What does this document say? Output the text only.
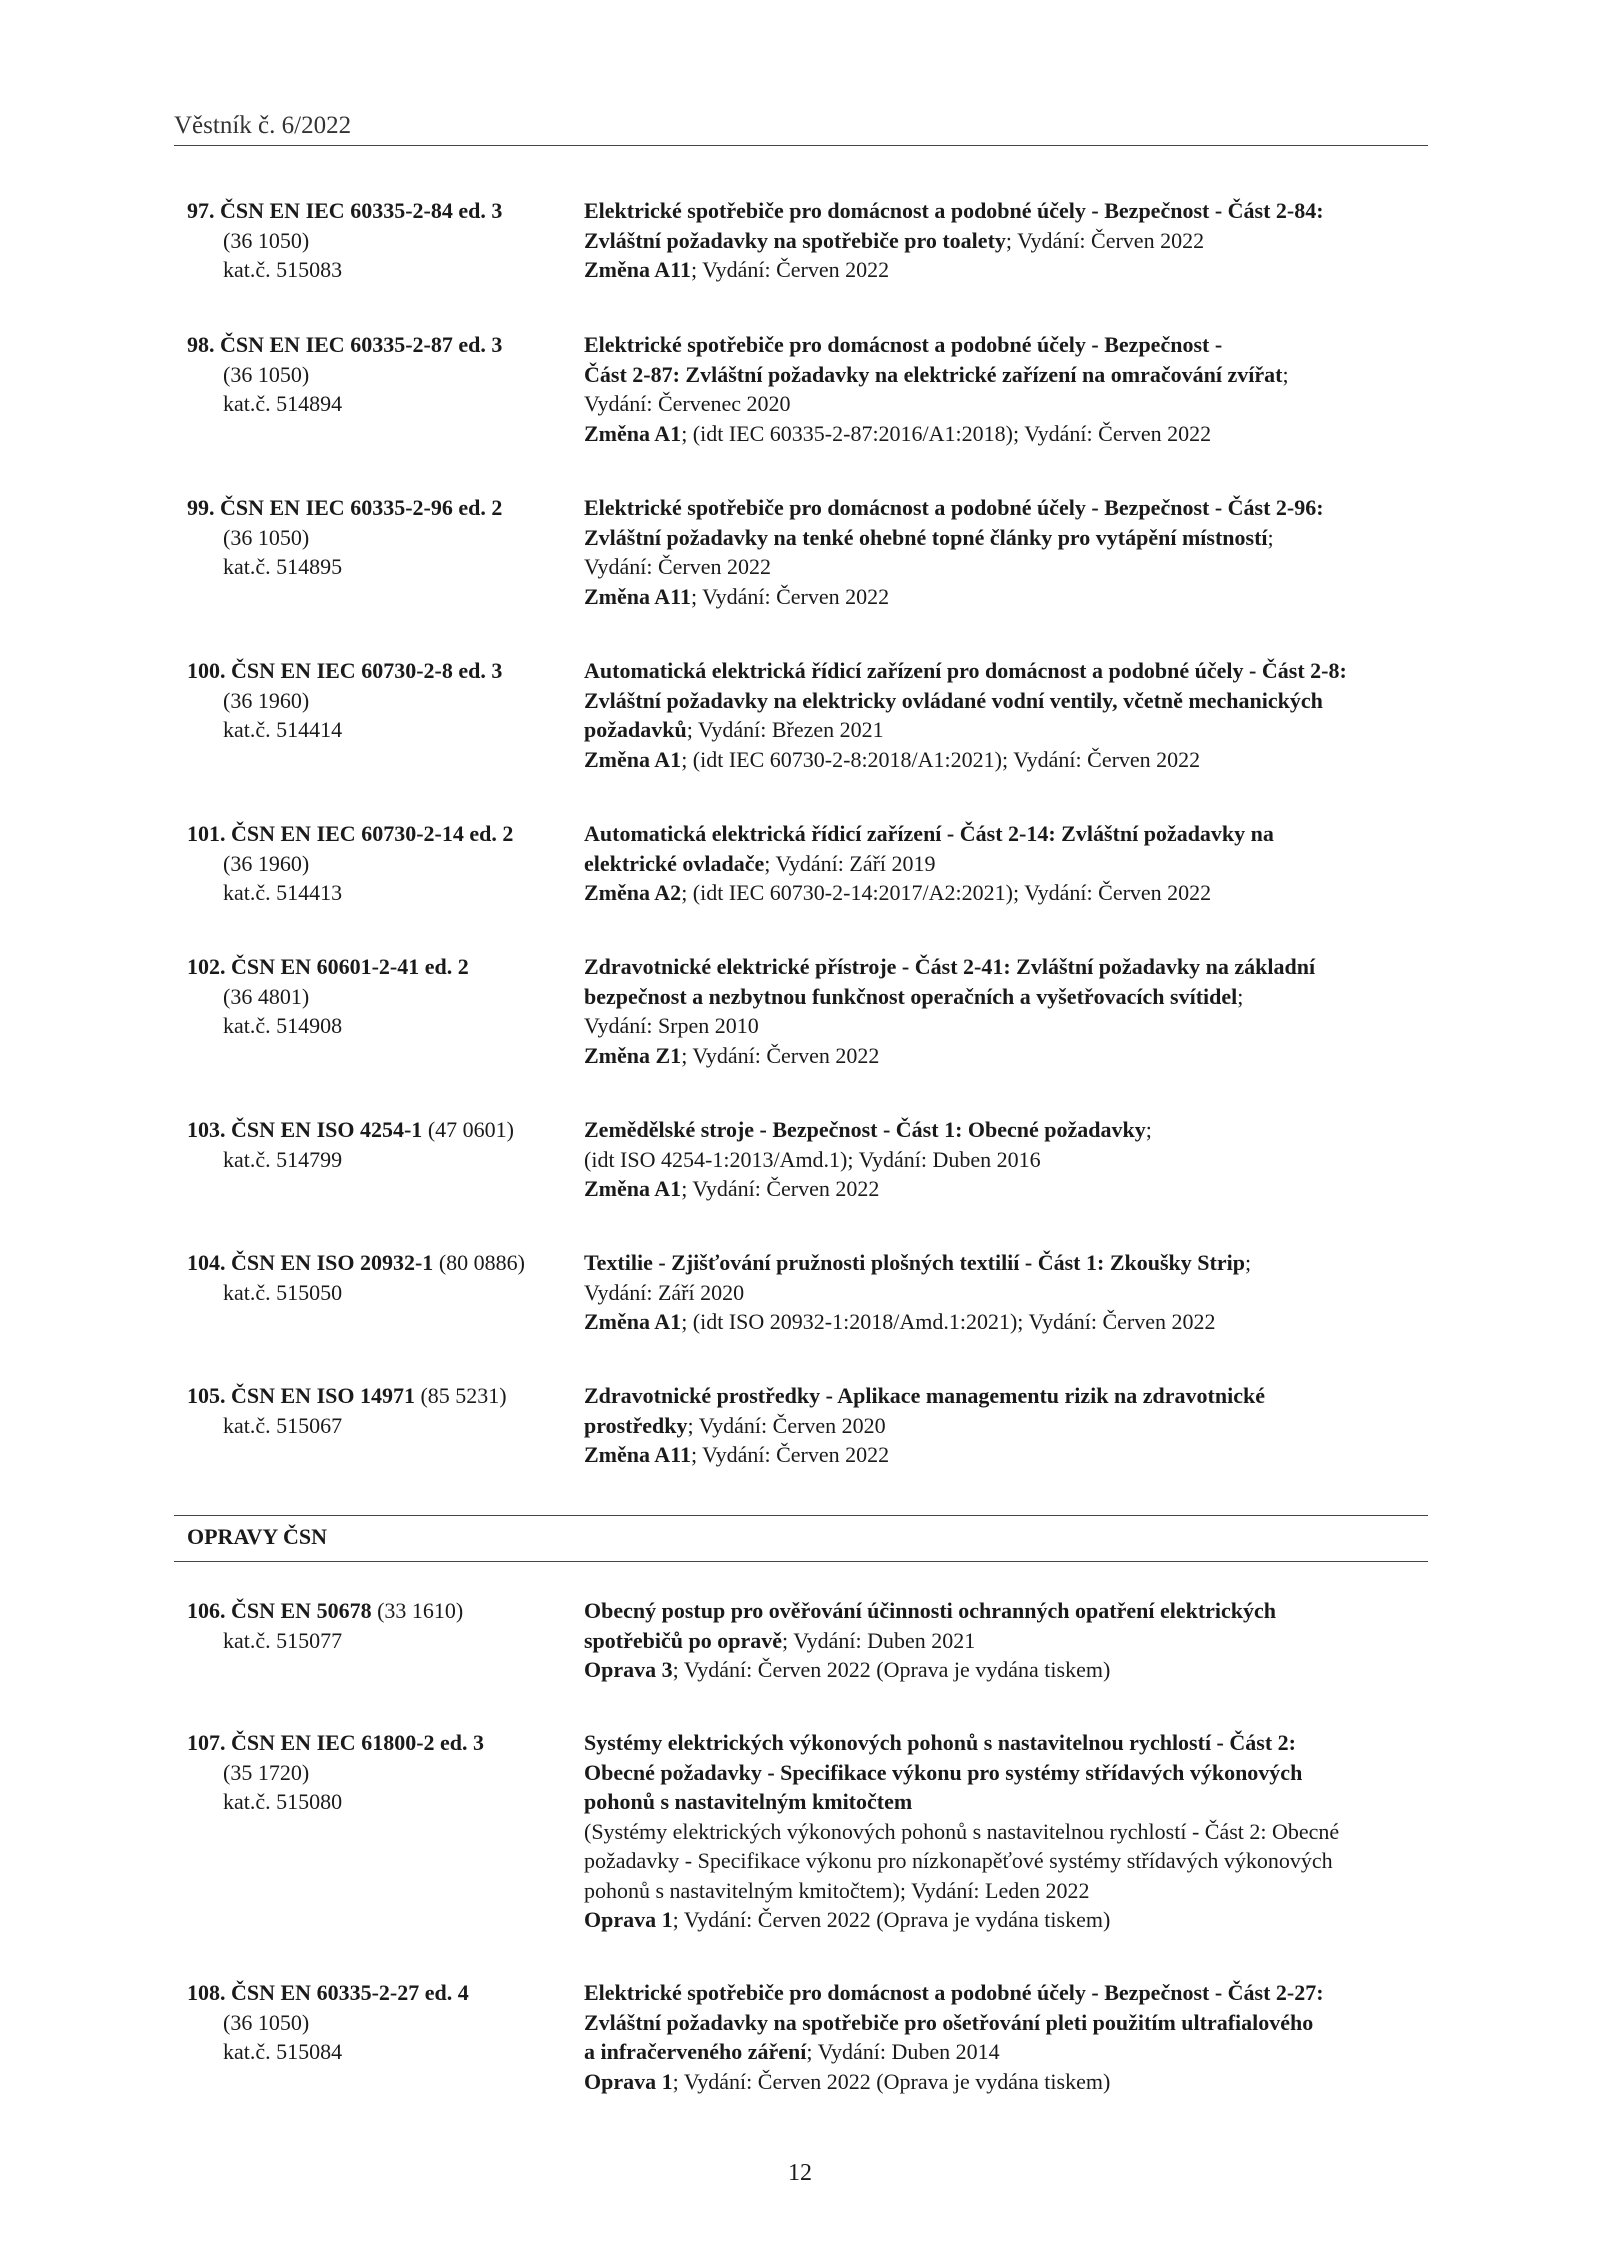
Věstník č. 6/2022
97. ČSN EN IEC 60335-2-84 ed. 3
(36 1050)
kat.č. 515083
Elektrické spotřebiče pro domácnost a podobné účely - Bezpečnost - Část 2-84:
Zvláštní požadavky na spotřebiče pro toalety; Vydání: Červen 2022
Změna A11; Vydání: Červen 2022
98. ČSN EN IEC 60335-2-87 ed. 3
(36 1050)
kat.č. 514894
Elektrické spotřebiče pro domácnost a podobné účely - Bezpečnost -
Část 2-87: Zvláštní požadavky na elektrické zařízení na omračování zvířat;
Vydání: Červenec 2020
Změna A1; (idt IEC 60335-2-87:2016/A1:2018); Vydání: Červen 2022
99. ČSN EN IEC 60335-2-96 ed. 2
(36 1050)
kat.č. 514895
Elektrické spotřebiče pro domácnost a podobné účely - Bezpečnost - Část 2-96:
Zvláštní požadavky na tenké ohebné topné články pro vytápění místností;
Vydání: Červen 2022
Změna A11; Vydání: Červen 2022
100. ČSN EN IEC 60730-2-8 ed. 3
(36 1960)
kat.č. 514414
Automatická elektrická řídicí zařízení pro domácnost a podobné účely - Část 2-8:
Zvláštní požadavky na elektricky ovládané vodní ventily, včetně mechanických
požadavků; Vydání: Březen 2021
Změna A1; (idt IEC 60730-2-8:2018/A1:2021); Vydání: Červen 2022
101. ČSN EN IEC 60730-2-14 ed. 2
(36 1960)
kat.č. 514413
Automatická elektrická řídicí zařízení - Část 2-14: Zvláštní požadavky na
elektrické ovladače; Vydání: Září 2019
Změna A2; (idt IEC 60730-2-14:2017/A2:2021); Vydání: Červen 2022
102. ČSN EN 60601-2-41 ed. 2
(36 4801)
kat.č. 514908
Zdravotnické elektrické přístroje - Část 2-41: Zvláštní požadavky na základní
bezpečnost a nezbytnou funkčnost operačních a vyšetřovacích svítidel;
Vydání: Srpen 2010
Změna Z1; Vydání: Červen 2022
103. ČSN EN ISO 4254-1 (47 0601)
kat.č. 514799
Zemědělské stroje - Bezpečnost - Část 1: Obecné požadavky;
(idt ISO 4254-1:2013/Amd.1); Vydání: Duben 2016
Změna A1; Vydání: Červen 2022
104. ČSN EN ISO 20932-1 (80 0886)
kat.č. 515050
Textilie - Zjišťování pružnosti plošných textilií - Část 1: Zkoušky Strip;
Vydání: Září 2020
Změna A1; (idt ISO 20932-1:2018/Amd.1:2021); Vydání: Červen 2022
105. ČSN EN ISO 14971 (85 5231)
kat.č. 515067
Zdravotnické prostředky - Aplikace managementu rizik na zdravotnické
prostředky; Vydání: Červen 2020
Změna A11; Vydání: Červen 2022
OPRAVY ČSN
106. ČSN EN 50678 (33 1610)
kat.č. 515077
Obecný postup pro ověřování účinnosti ochranných opatření elektrických
spotřebičů po opravě; Vydání: Duben 2021
Oprava 3; Vydání: Červen 2022 (Oprava je vydána tiskem)
107. ČSN EN IEC 61800-2 ed. 3
(35 1720)
kat.č. 515080
Systémy elektrických výkonových pohonů s nastavitelnou rychlostí - Část 2:
Obecné požadavky - Specifikace výkonu pro systémy střídavých výkonových
pohonů s nastavitelným kmitočtem
(Systémy elektrických výkonových pohonů s nastavitelnou rychlostí - Část 2: Obecné
požadavky - Specifikace výkonu pro nízkonapěťové systémy střídavých výkonových
pohonů s nastavitelným kmitočtem); Vydání: Leden 2022
Oprava 1; Vydání: Červen 2022 (Oprava je vydána tiskem)
108. ČSN EN 60335-2-27 ed. 4
(36 1050)
kat.č. 515084
Elektrické spotřebiče pro domácnost a podobné účely - Bezpečnost - Část 2-27:
Zvláštní požadavky na spotřebiče pro ošetřování pleti použitím ultrafialového
a infračerveného záření; Vydání: Duben 2014
Oprava 1; Vydání: Červen 2022 (Oprava je vydána tiskem)
12
